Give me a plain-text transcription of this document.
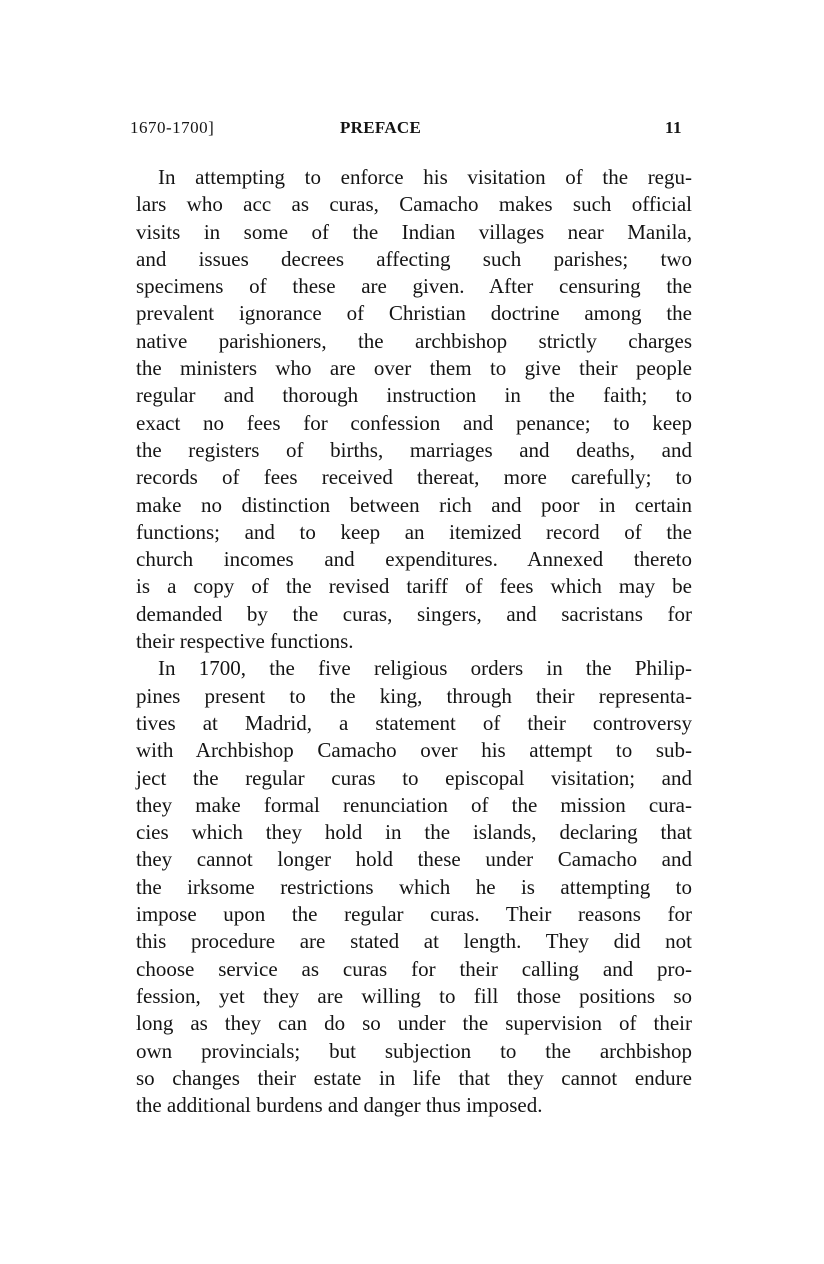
1670-1700]	PREFACE	11
In attempting to enforce his visitation of the regu-
lars who acc as curas, Camacho makes such official
visits in some of the Indian villages near Manila,
and issues decrees affecting such parishes; two
specimens of these are given. After censuring the
prevalent ignorance of Christian doctrine among the
native parishioners, the archbishop strictly charges
the ministers who are over them to give their people
regular and thorough instruction in the faith; to
exact no fees for confession and penance; to keep
the registers of births, marriages and deaths, and
records of fees received thereat, more carefully; to
make no distinction between rich and poor in certain
functions; and to keep an itemized record of the
church incomes and expenditures. Annexed thereto
is a copy of the revised tariff of fees which may be
demanded by the curas, singers, and sacristans for
their respective functions.
In 1700, the five religious orders in the Philip-
pines present to the king, through their representa-
tives at Madrid, a statement of their controversy
with Archbishop Camacho over his attempt to sub-
ject the regular curas to episcopal visitation; and
they make formal renunciation of the mission cura-
cies which they hold in the islands, declaring that
they cannot longer hold these under Camacho and
the irksome restrictions which he is attempting to
impose upon the regular curas. Their reasons for
this procedure are stated at length. They did not
choose service as curas for their calling and pro-
fession, yet they are willing to fill those positions so
long as they can do so under the supervision of their
own provincials; but subjection to the archbishop
so changes their estate in life that they cannot endure
the additional burdens and danger thus imposed.
